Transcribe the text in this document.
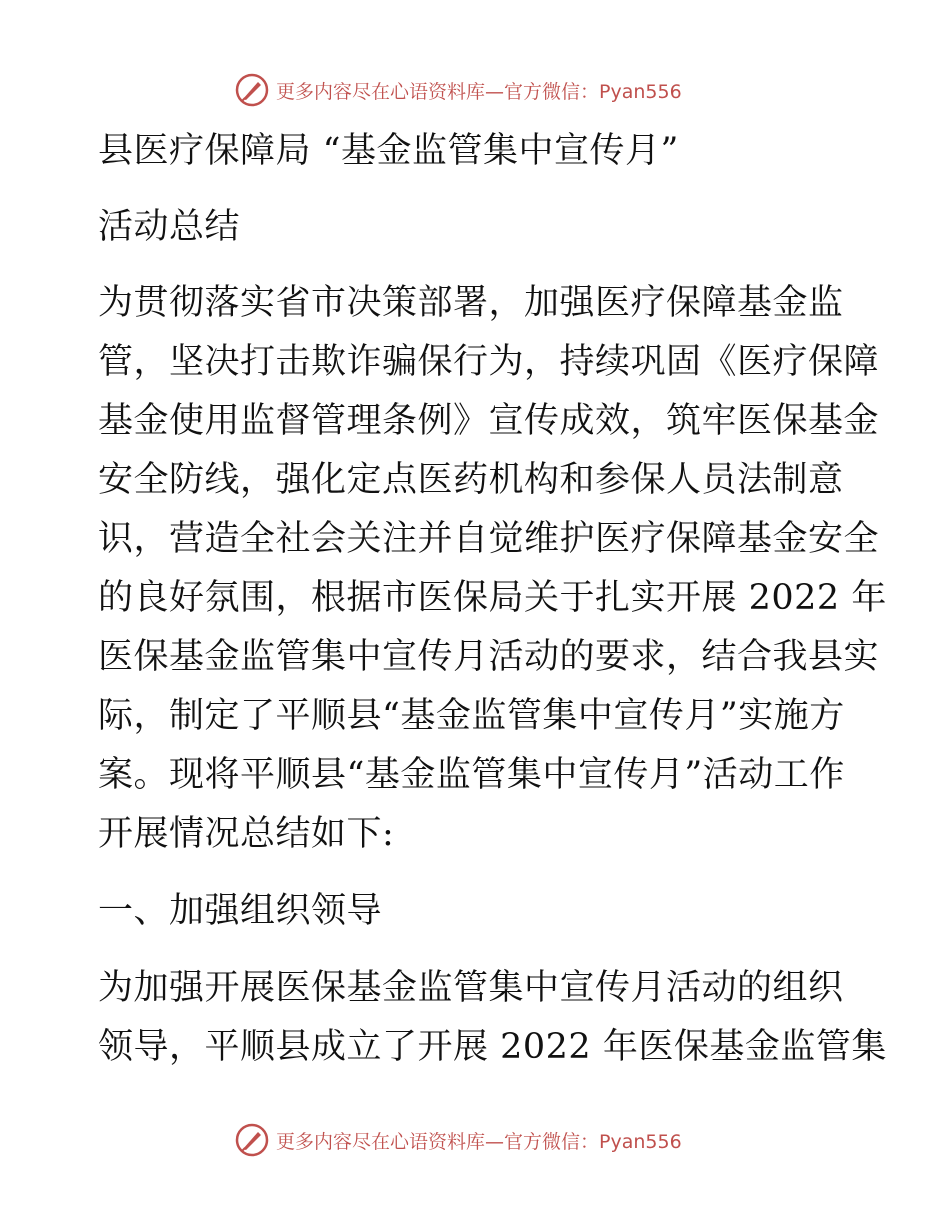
更多内容尽在心语资料库—官方微信：Pyan556
县医疗保障局 “基金监管集中宣传月”
活动总结
为贯彻落实省市决策部署，加强医疗保障基金监
管，坚决打击欺诈骗保行为，持续巩固《医疗保障
基金使用监督管理条例》宣传成效，筑牢医保基金
安全防线，强化定点医药机构和参保人员法制意
识，营造全社会关注并自觉维护医疗保障基金安全
的良好氛围，根据市医保局关于扎实开展 2022 年
医保基金监管集中宣传月活动的要求，结合我县实
际，制定了平顺县“基金监管集中宣传月”实施方
案。现将平顺县“基金监管集中宣传月”活动工作
开展情况总结如下:
一、加强组织领导
为加强开展医保基金监管集中宣传月活动的组织
领导，平顺县成立了开展 2022 年医保基金监管集
更多内容尽在心语资料库—官方微信：Pyan556
